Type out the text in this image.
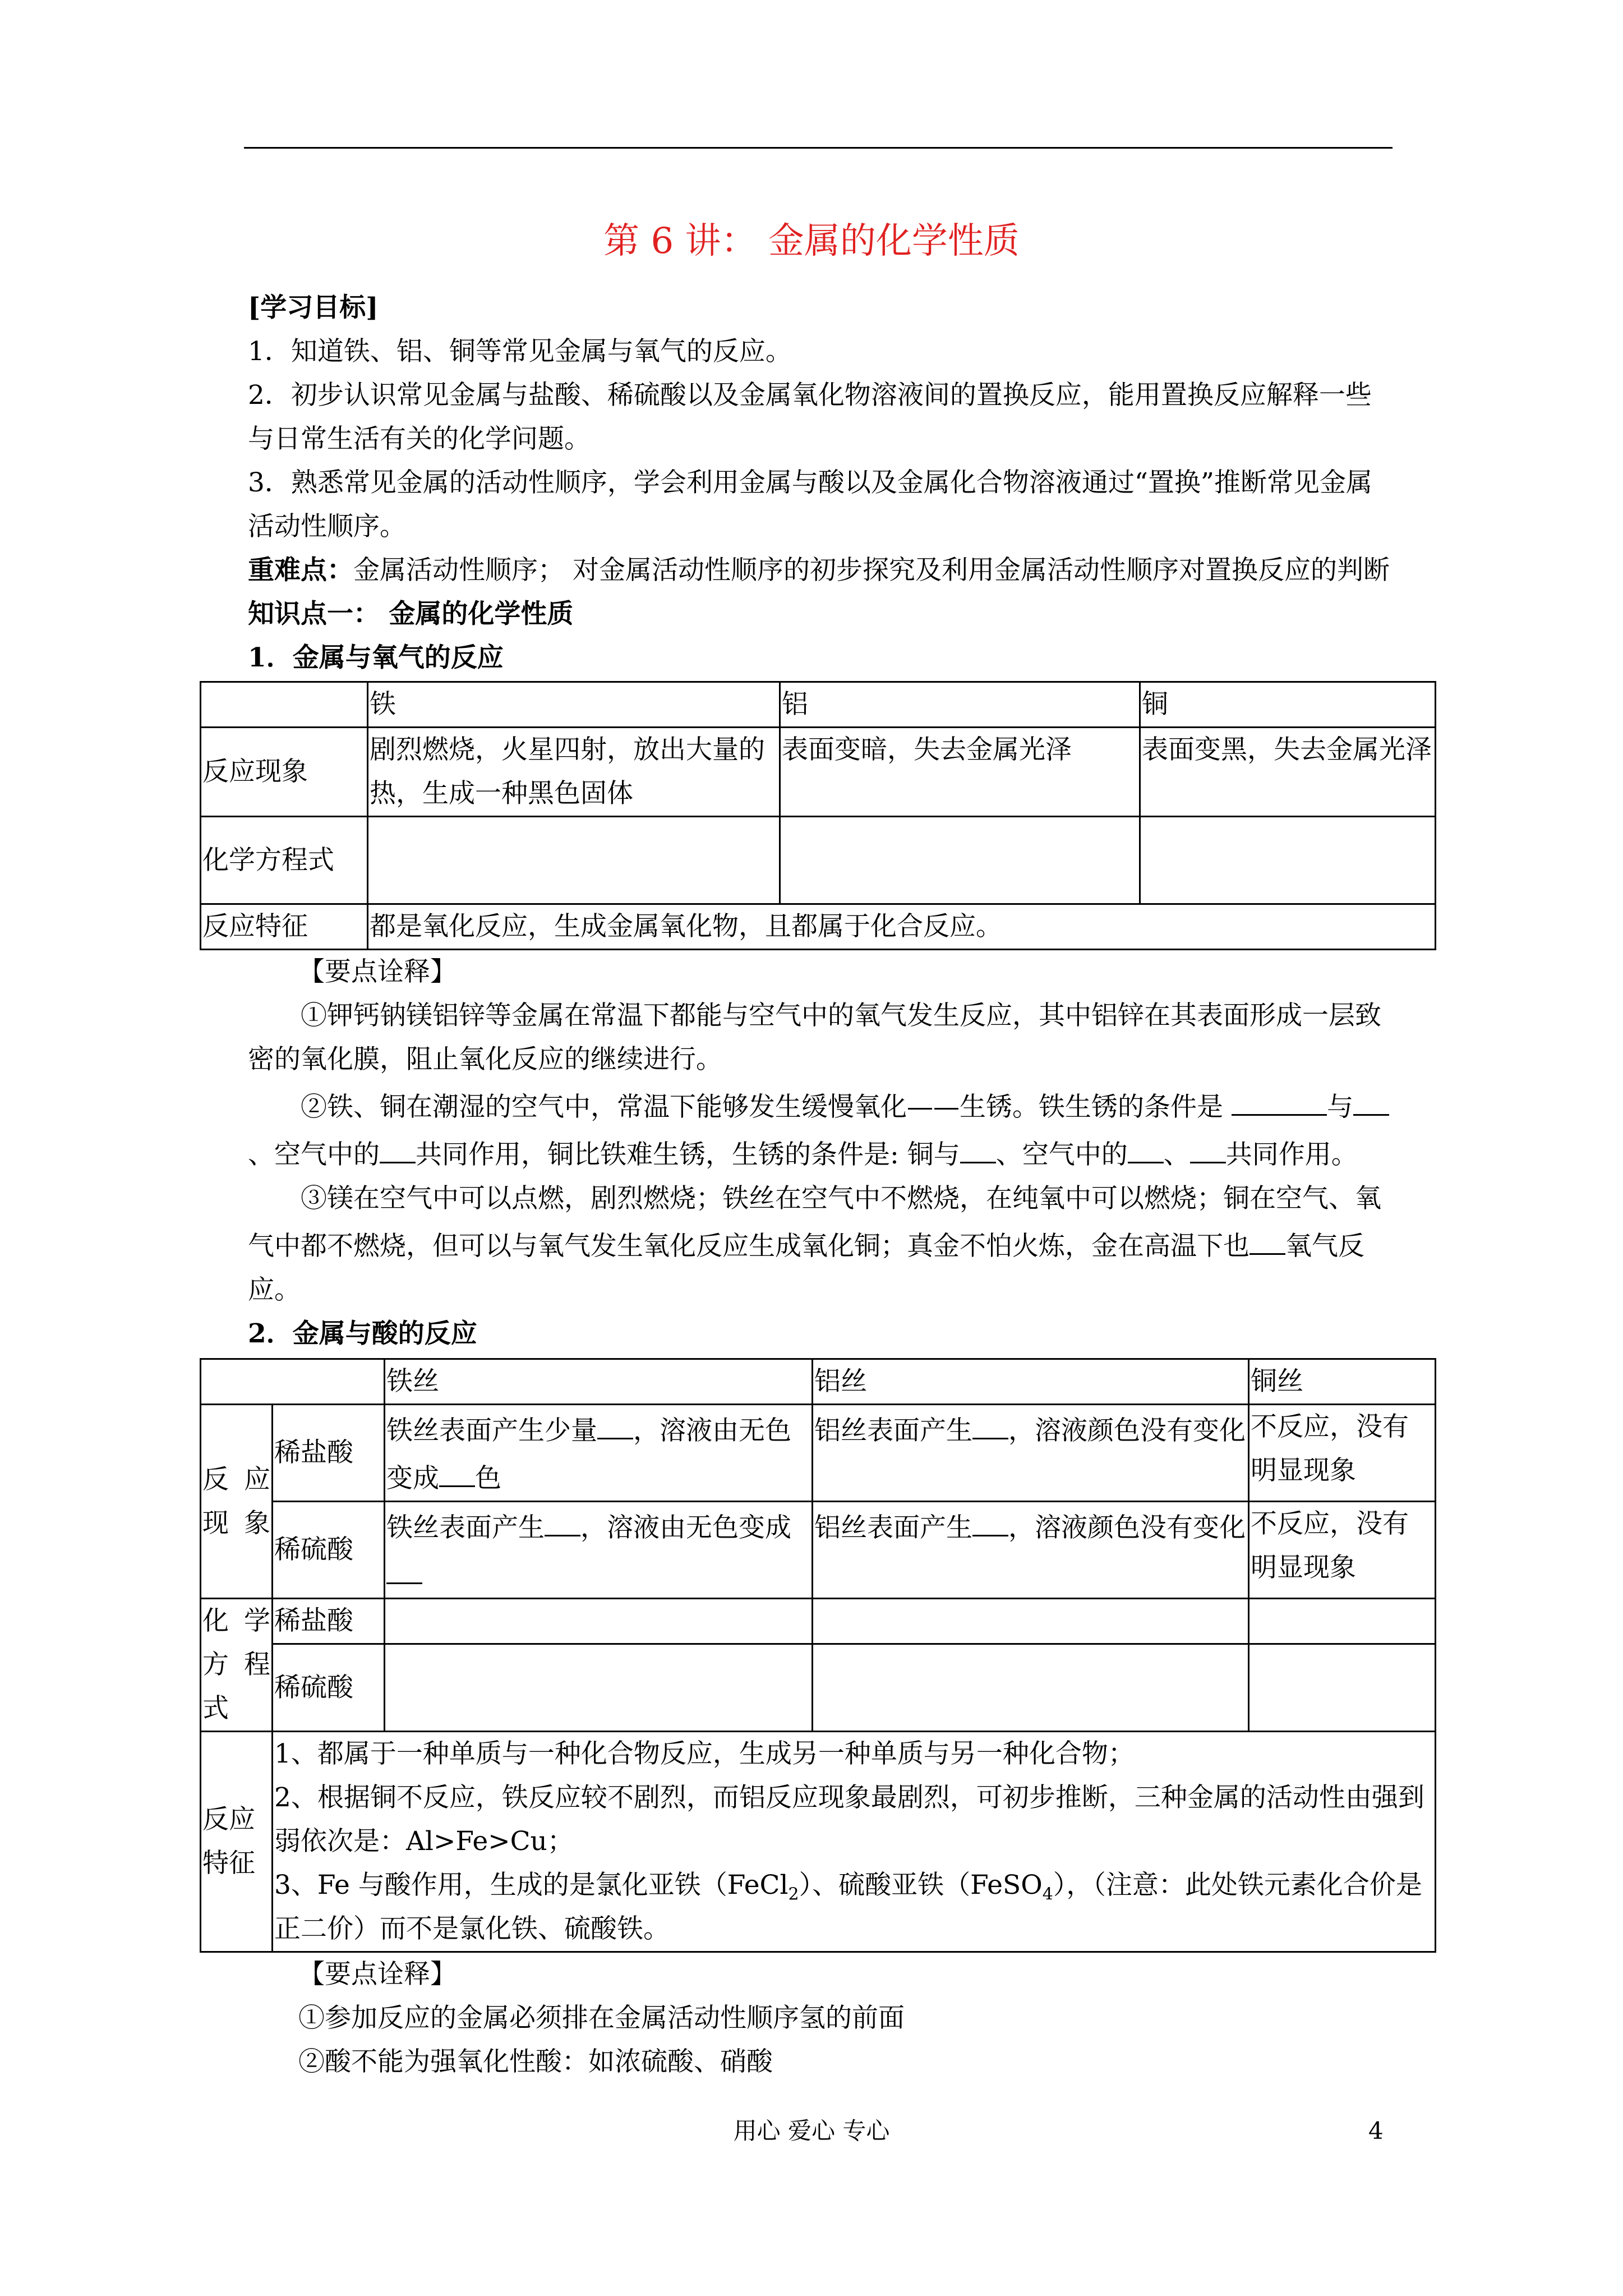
第 6 讲： 金属的化学性质

[学习目标]

1．知道铁、铝、铜等常见金属与氧气的反应。

2．初步认识常见金属与盐酸、稀硫酸以及金属氧化物溶液间的置换反应，能用置换反应解释一些与日常生活有关的化学问题。

3．熟悉常见金属的活动性顺序，学会利用金属与酸以及金属化合物溶液通过“置换”推断常见金属活动性顺序。

重难点：金属活动性顺序； 对金属活动性顺序的初步探究及利用金属活动性顺序对置换反应的判断

知识点一： 金属的化学性质

1．金属与氧气的反应

	铁	铝	铜
反应现象	剧烈燃烧，火星四射，放出大量的热，生成一种黑色固体	表面变暗，失去金属光泽	表面变黑，失去金属光泽
化学方程式			
反应特征	都是氧化反应，生成金属氧化物，且都属于化合反应。		

【要点诠释】

①钾钙钠镁铝锌等金属在常温下都能与空气中的氧气发生反应，其中铝锌在其表面形成一层致密的氧化膜，阻止氧化反应的继续进行。

②铁、铜在潮湿的空气中，常温下能够发生缓慢氧化——生锈。铁生锈的条件是	与、空气中的 共同作用，铜比铁难生锈，生锈的条件是: 铜与 、空气中的 、 共同作用。

③镁在空气中可以点燃，剧烈燃烧；铁丝在空气中不燃烧，在纯氧中可以燃烧；铜在空气、氧气中都不燃烧，但可以与氧气发生氧化反应生成氧化铜；真金不怕火炼，金在高温下也 氧气反应。

2．金属与酸的反应

		铁丝	铝丝	铜丝
反 应现象	稀盐酸	铁丝表面产生少量 ，溶液由无色变成 色	铝丝表面产生 ，溶液颜色没有变化	不反应，没有明显现象
	稀硫酸	铁丝表面产生 ，溶液由无色变成	铝丝表面产生 ，溶液颜色没有变化	不反应，没有明显现象
化 学方 程式	稀盐酸			
	稀硫酸			
反应特征	1、都属于一种单质与一种化合物反应，生成另一种单质与另一种化合物；
2、根据铜不反应，铁反应较不剧烈，而铝反应现象最剧烈，可初步推断，三种金属的活动性由强到弱依次是：Al>Fe>Cu；
3、Fe 与酸作用，生成的是氯化亚铁（FeCl$_2$）、硫酸亚铁（FeSO$_4$），（注意：此处铁元素化合价是正二价）而不是氯化铁、硫酸铁。			

【要点诠释】

①参加反应的金属必须排在金属活动性顺序氢的前面

②酸不能为强氧化性酸：如浓硫酸、硝酸

用心 爱心 专心	4
